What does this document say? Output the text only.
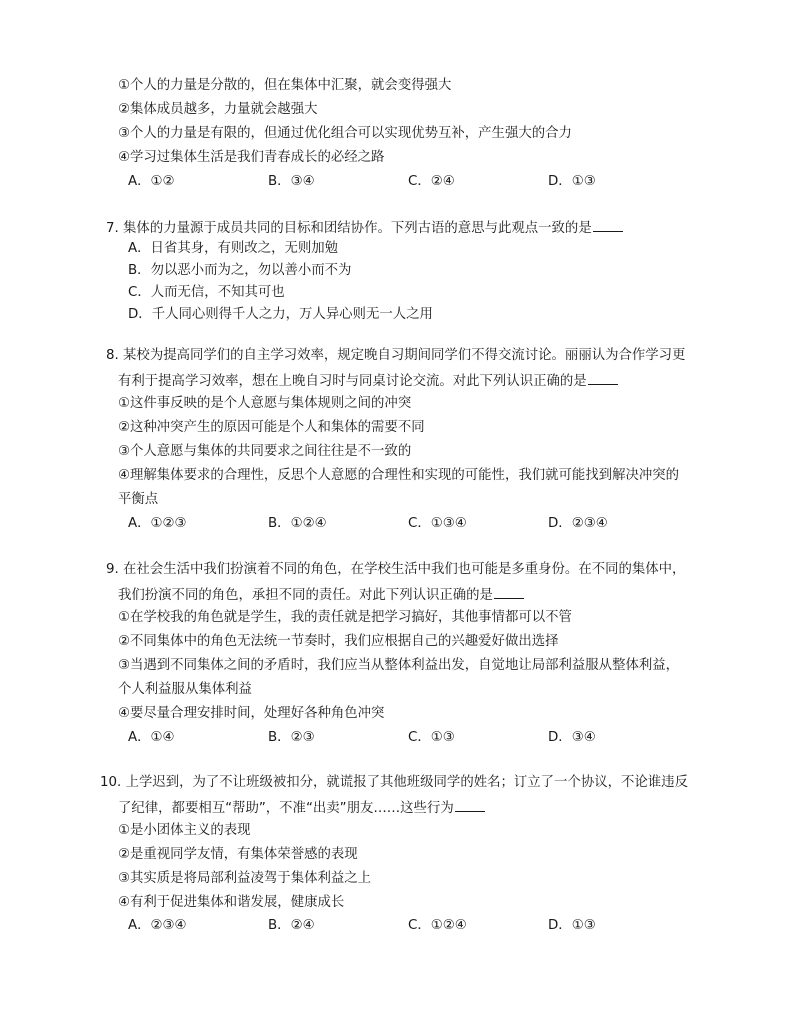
①个人的力量是分散的，但在集体中汇聚，就会变得强大
②集体成员越多，力量就会越强大
③个人的力量是有限的，但通过优化组合可以实现优势互补，产生强大的合力
④学习过集体生活是我们青春成长的必经之路
A．①②	B．③④	C．②④	D．①③
7. 集体的力量源于成员共同的目标和团结协作。下列古语的意思与此观点一致的是
A．日省其身，有则改之，无则加勉
B．勿以恶小而为之，勿以善小而不为
C．人而无信，不知其可也
D．千人同心则得千人之力，万人异心则无一人之用
8. 某校为提高同学们的自主学习效率，规定晚自习期间同学们不得交流讨论。丽丽认为合作学习更
有利于提高学习效率，想在上晚自习时与同桌讨论交流。对此下列认识正确的是
①这件事反映的是个人意愿与集体规则之间的冲突
②这种冲突产生的原因可能是个人和集体的需要不同
③个人意愿与集体的共同要求之间往往是不一致的
④理解集体要求的合理性，反思个人意愿的合理性和实现的可能性，我们就可能找到解决冲突的
平衡点
A．①②③	B．①②④	C．①③④	D．②③④
9. 在社会生活中我们扮演着不同的角色，在学校生活中我们也可能是多重身份。在不同的集体中，
我们扮演不同的角色，承担不同的责任。对此下列认识正确的是
①在学校我的角色就是学生，我的责任就是把学习搞好，其他事情都可以不管
②不同集体中的角色无法统一节奏时，我们应根据自己的兴趣爱好做出选择
③当遇到不同集体之间的矛盾时，我们应当从整体利益出发，自觉地让局部利益服从整体利益，
个人利益服从集体利益
④要尽量合理安排时间，处理好各种角色冲突
A．①④	B．②③	C．①③	D．③④
10. 上学迟到，为了不让班级被扣分，就谎报了其他班级同学的姓名；订立了一个协议，不论谁违反
了纪律，都要相互“帮助”，不准“出卖”朋友……这些行为
①是小团体主义的表现
②是重视同学友情，有集体荣誉感的表现
③其实质是将局部利益凌驾于集体利益之上
④有利于促进集体和谐发展，健康成长
A．②③④	B．②④	C．①②④	D．①③
